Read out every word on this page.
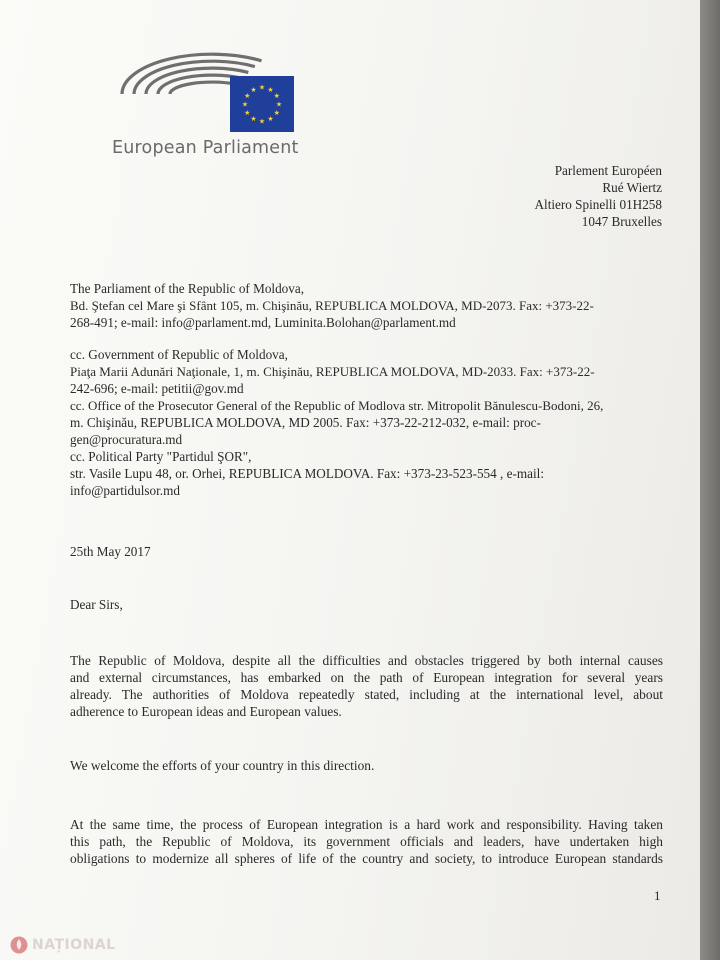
★ ★
★
★
★
★
★
★
★
★
★
★
European Parliament
Parlement Européen
Rué Wiertz
Altiero Spinelli 01H258
1047 Bruxelles
The Parliament of the Republic of Moldova,
Bd. Ştefan cel Mare şi Sfânt 105, m. Chişinău, REPUBLICA MOLDOVA, MD-2073. Fax: +373-22-
268-491; e-mail: info@parlament.md, Luminita.Bolohan@parlament.md
cc. Government of Republic of Moldova,
Piaţa Marii Adunări Naţionale, 1, m. Chişinău, REPUBLICA MOLDOVA, MD-2033. Fax: +373-22-
242-696; e-mail: petitii@gov.md
cc. Office of the Prosecutor General of the Republic of Modlova str. Mitropolit Bănulescu-Bodoni, 26,
m. Chişinău, REPUBLICA MOLDOVA, MD 2005. Fax: +373-22-212-032, e-mail: proc-
gen@procuratura.md
cc. Political Party "Partidul ŞOR",
str. Vasile Lupu 48, or. Orhei, REPUBLICA MOLDOVA. Fax: +373-23-523-554 , e-mail:
info@partidulsor.md
25th May 2017
Dear Sirs,
The Republic of Moldova, despite all the difficulties and obstacles triggered by both internal causes
and external circumstances, has embarked on the path of European integration for several years
already. The authorities of Moldova repeatedly stated, including at the international level, about
adherence to European ideas and European values.
We welcome the efforts of your country in this direction.
At the same time, the process of European integration is a hard work and responsibility. Having taken
this path, the Republic of Moldova, its government officials and leaders, have undertaken high
obligations to modernize all spheres of life of the country and society, to introduce European standards
1
NAȚIONAL
